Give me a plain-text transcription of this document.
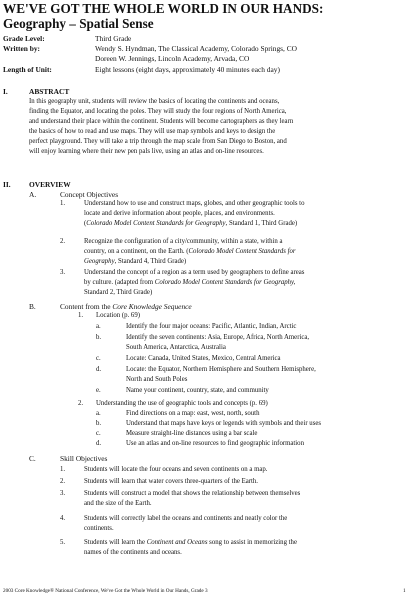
WE'VE GOT THE WHOLE WORLD IN OUR HANDS:
Geography – Spatial Sense
Grade Level:	Third Grade
Written by:	Wendy S. Hyndman, The Classical Academy, Colorado Springs, CO
Doreen W. Jennings, Lincoln Academy, Arvada, CO
Length of Unit:	Eight lessons (eight days, approximately 40 minutes each day)
I.	ABSTRACT
In this geography unit, students will review the basics of locating the continents and oceans,
finding the Equator, and locating the poles. They will study the four regions of North America,
and understand their place within the continent. Students will become cartographers as they learn
the basics of how to read and use maps. They will use map symbols and keys to design the
perfect playground. They will take a trip through the map scale from San Diego to Boston, and
will enjoy learning where their new pen pals live, using an atlas and on-line resources.
II. OVERVIEW
A.	Concept Objectives
1.	Understand how to use and construct maps, globes, and other geographic tools to
locate and derive information about people, places, and environments.
(Colorado Model Content Standards for Geography, Standard 1, Third Grade)
2.	Recognize the configuration of a city/community, within a state, within a
country, on a continent, on the Earth. (Colorado Model Content Standards for
Geography, Standard 4, Third Grade)
3.	Understand the concept of a region as a term used by geographers to define areas
by culture. (adapted from Colorado Model Content Standards for Geography,
Standard 2, Third Grade)
B.	Content from the Core Knowledge Sequence
1. Location (p. 69)
a.	Identify the four major oceans: Pacific, Atlantic, Indian, Arctic
b.	Identify the seven continents: Asia, Europe, Africa, North America,
South America, Antarctica, Australia
c.	Locate: Canada, United States, Mexico, Central America
d.	Locate: the Equator, Northern Hemisphere and Southern Hemisphere,
North and South Poles
e.	Name your continent, country, state, and community
2. Understanding the use of geographic tools and concepts (p. 69)
a.	Find directions on a map: east, west, north, south
b.	Understand that maps have keys or legends with symbols and their uses
c.	Measure straight-line distances using a bar scale
d.	Use an atlas and on-line resources to find geographic information
C.	Skill Objectives
1.	Students will locate the four oceans and seven continents on a map.
2.	Students will learn that water covers three-quarters of the Earth.
3.	Students will construct a model that shows the relationship between themselves
and the size of the Earth.
4.	Students will correctly label the oceans and continents and neatly color the
continents.
5.	Students will learn the Continent and Oceans song to assist in memorizing the
names of the continents and oceans.
2003 Core Knowledge® National Conference, We've Got the Whole World in Our Hands, Grade 3	1
